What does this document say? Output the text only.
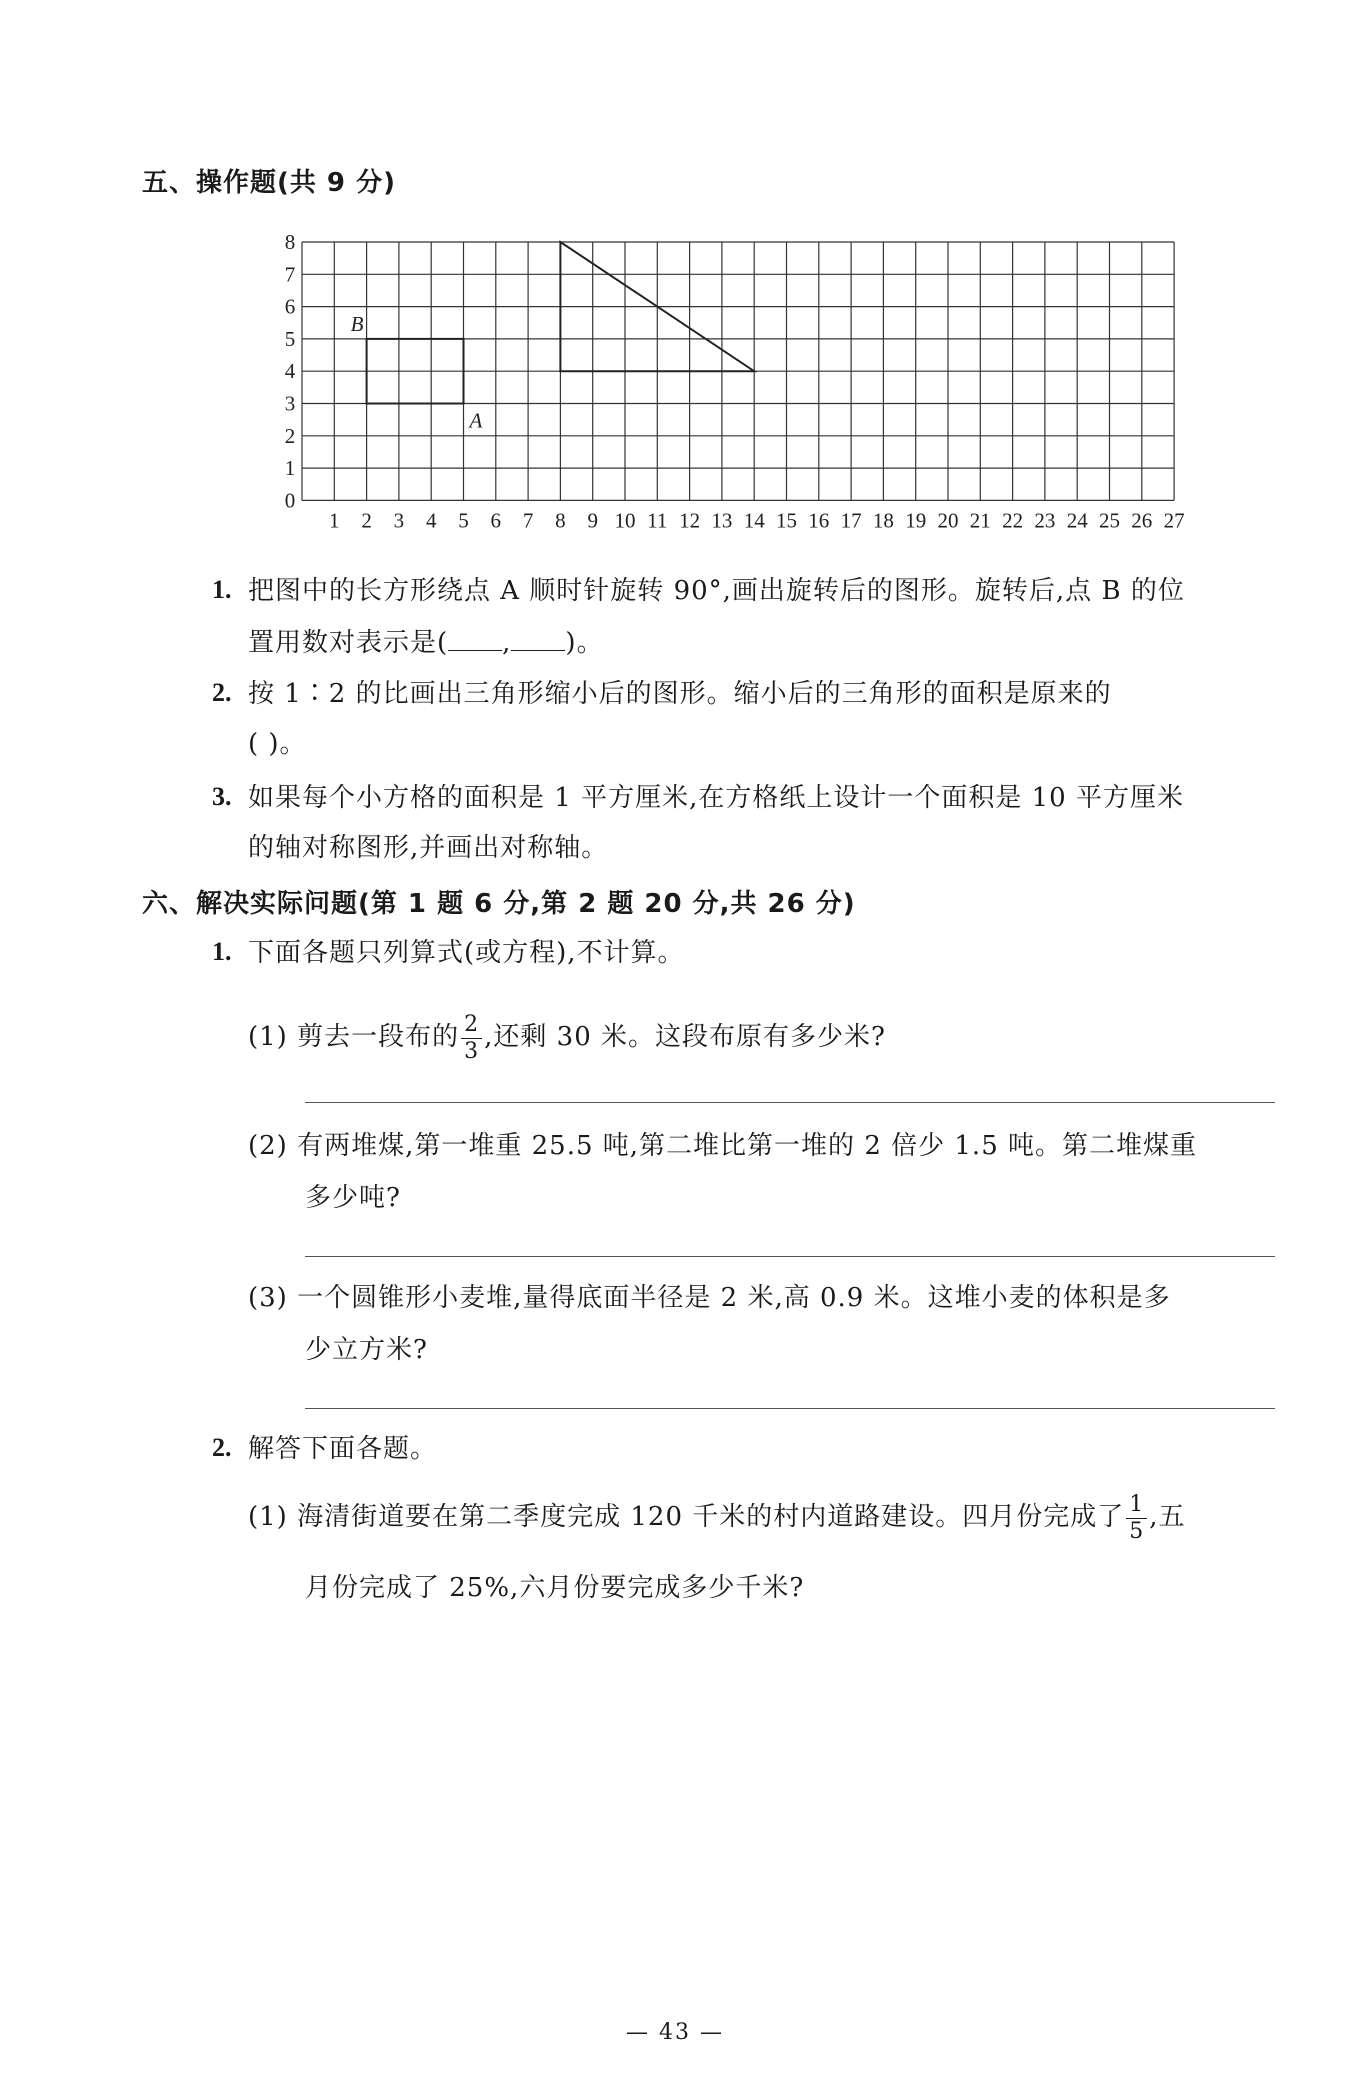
五、操作题(共 9 分)
0
1
2
3
4
5
6
7
8
1 2 3 4 5 6 7 8 9 10 11 12 13 14 15 16 17 18 19 20 21 22 23 24 25 26 27
B
A
1. 把图中的长方形绕点 A 顺时针旋转 90°,画出旋转后的图形。旋转后,点 B 的位
置用数对表示是( , )。
2. 按 1∶2 的比画出三角形缩小后的图形。缩小后的三角形的面积是原来的
( )。
3. 如果每个小方格的面积是 1 平方厘米,在方格纸上设计一个面积是 10 平方厘米
的轴对称图形,并画出对称轴。
六、解决实际问题(第 1 题 6 分,第 2 题 20 分,共 26 分)
1. 下面各题只列算式(或方程),不计算。
(1) 剪去一段布的 $\frac{2}{3}$ ,还剩 30 米。这段布原有多少米?
(2) 有两堆煤,第一堆重 25.5 吨,第二堆比第一堆的 2 倍少 1.5 吨。第二堆煤重
多少吨?
(3) 一个圆锥形小麦堆,量得底面半径是 2 米,高 0.9 米。这堆小麦的体积是多
少立方米?
2. 解答下面各题。
(1) 海清街道要在第二季度完成 120 千米的村内道路建设。四月份完成了 $\frac{1}{5}$ ,五
月份完成了 25%,六月份要完成多少千米?
— 43 —
